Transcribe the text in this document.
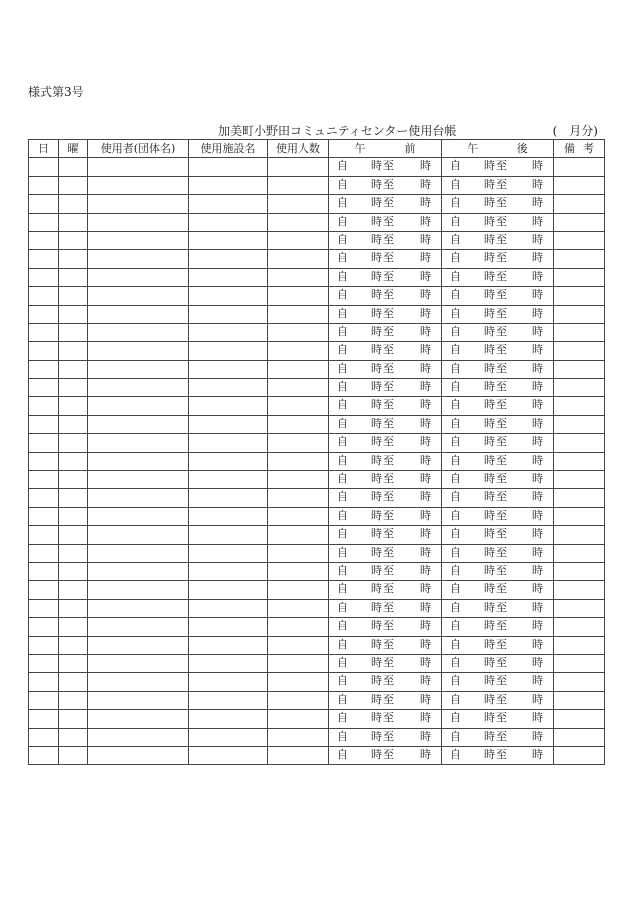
様式第3号
加美町小野田コミュニティセンター使用台帳	(　月分)
日	曜	使用者(団体名)	使用施設名	使用人数	午 前	午 後	備 考

					自 時 至 時	自 時 至 時	

					自 時 至 時	自 時 至 時	

					自 時 至 時	自 時 至 時	

					自 時 至 時	自 時 至 時	

					自 時 至 時	自 時 至 時	

					自 時 至 時	自 時 至 時	

					自 時 至 時	自 時 至 時	

					自 時 至 時	自 時 至 時	

					自 時 至 時	自 時 至 時	

					自 時 至 時	自 時 至 時	

					自 時 至 時	自 時 至 時	

					自 時 至 時	自 時 至 時	

					自 時 至 時	自 時 至 時	

					自 時 至 時	自 時 至 時	

					自 時 至 時	自 時 至 時	

					自 時 至 時	自 時 至 時	

					自 時 至 時	自 時 至 時	

					自 時 至 時	自 時 至 時	

					自 時 至 時	自 時 至 時	

					自 時 至 時	自 時 至 時	

					自 時 至 時	自 時 至 時	

					自 時 至 時	自 時 至 時	

					自 時 至 時	自 時 至 時	

					自 時 至 時	自 時 至 時	

					自 時 至 時	自 時 至 時	

					自 時 至 時	自 時 至 時	

					自 時 至 時	自 時 至 時	

					自 時 至 時	自 時 至 時	

					自 時 至 時	自 時 至 時	

					自 時 至 時	自 時 至 時	

					自 時 至 時	自 時 至 時	

					自 時 至 時	自 時 至 時	

					自 時 至 時	自 時 至 時	
